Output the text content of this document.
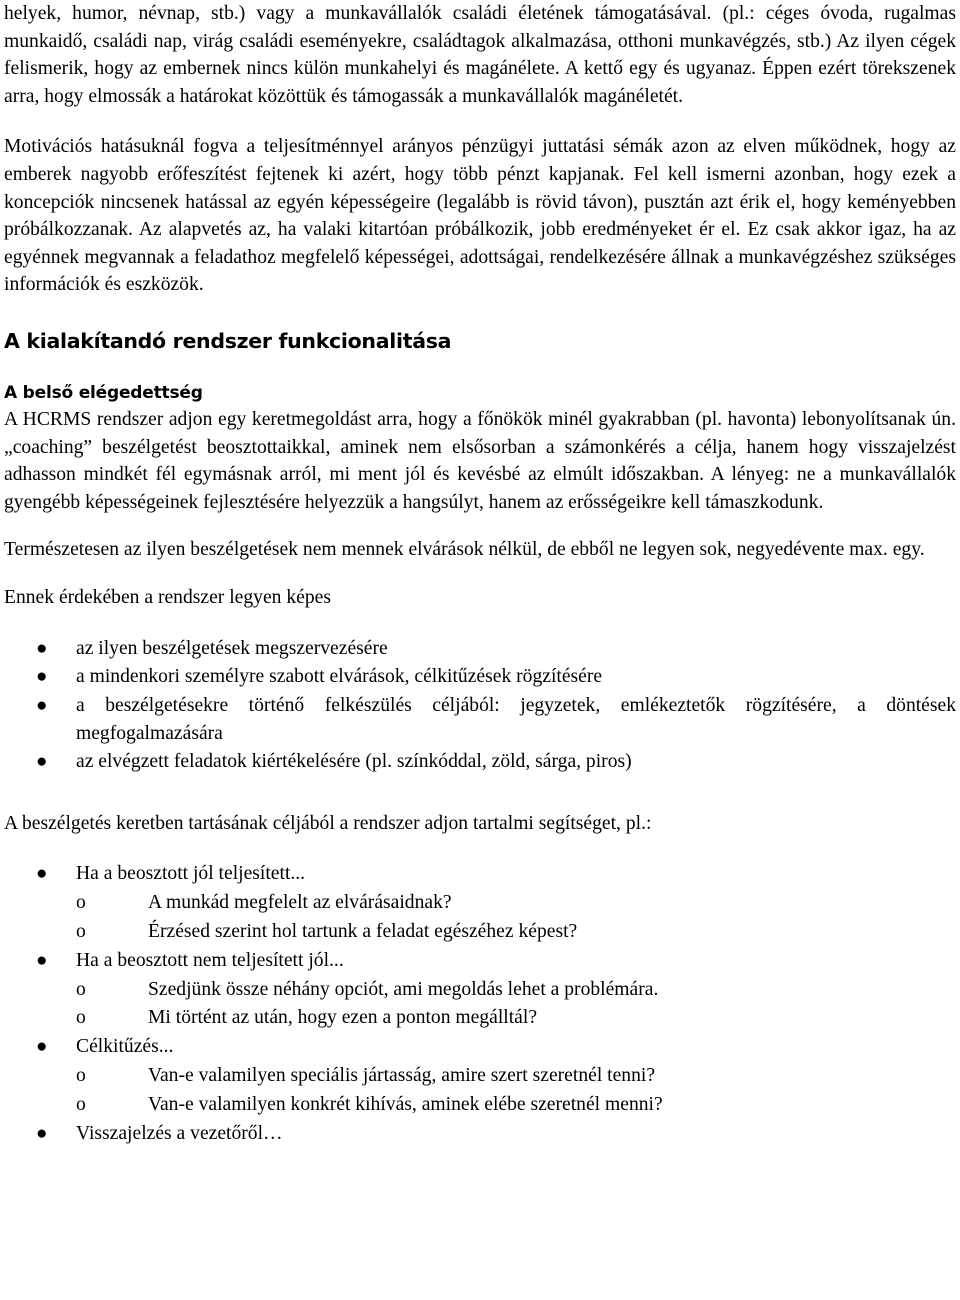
helyek, humor, névnap, stb.) vagy a munkavállalók családi életének támogatásával. (pl.: céges óvoda, rugalmas munkaidő, családi nap, virág családi eseményekre, családtagok alkalmazása, otthoni munkavégzés, stb.) Az ilyen cégek felismerik, hogy az embernek nincs külön munkahelyi és magánélete. A kettő egy és ugyanaz. Éppen ezért törekszenek arra, hogy elmossák a határokat közöttük és támogassák a munkavállalók magánéletét.

Motivációs hatásuknál fogva a teljesítménnyel arányos pénzügyi juttatási sémák azon az elven működnek, hogy az emberek nagyobb erőfeszítést fejtenek ki azért, hogy több pénzt kapjanak. Fel kell ismerni azonban, hogy ezek a koncepciók nincsenek hatással az egyén képességeire (legalább is rövid távon), pusztán azt érik el, hogy keményebben próbálkozzanak. Az alapvetés az, ha valaki kitartóan próbálkozik, jobb eredményeket ér el. Ez csak akkor igaz, ha az egyénnek megvannak a feladathoz megfelelő képességei, adottságai, rendelkezésére állnak a munkavégzéshez szükséges információk és eszközök.

A kialakítandó rendszer funkcionalitása
A belső elégedettség

A HCRMS rendszer adjon egy keretmegoldást arra, hogy a főnökök minél gyakrabban (pl. havonta) lebonyolítsanak ún. „coaching” beszélgetést beosztottaikkal, aminek nem elsősorban a számonkérés a célja, hanem hogy visszajelzést adhasson mindkét fél egymásnak arról, mi ment jól és kevésbé az elmúlt időszakban. A lényeg: ne a munkavállalók gyengébb képességeinek fejlesztésére helyezzük a hangsúlyt, hanem az erősségeikre kell támaszkodunk.

Természetesen az ilyen beszélgetések nem mennek elvárások nélkül, de ebből ne legyen sok, negyedévente max. egy.

Ennek érdekében a rendszer legyen képes

● az ilyen beszélgetések megszervezésére
● a mindenkori személyre szabott elvárások, célkitűzések rögzítésére
● a beszélgetésekre történő felkészülés céljából: jegyzetek, emlékeztetők rögzítésére, a döntések megfogalmazására
● az elvégzett feladatok kiértékelésére (pl. színkóddal, zöld, sárga, piros)

A beszélgetés keretben tartásának céljából a rendszer adjon tartalmi segítséget, pl.:

● Ha a beosztott jól teljesített...
o	A munkád megfelelt az elvárásaidnak?
o	Érzésed szerint hol tartunk a feladat egészéhez képest?
● Ha a beosztott nem teljesített jól...
o	Szedjünk össze néhány opciót, ami megoldás lehet a problémára.
o	Mi történt az után, hogy ezen a ponton megálltál?
● Célkitűzés...
o	Van-e valamilyen speciális jártasság, amire szert szeretnél tenni?
o	Van-e valamilyen konkrét kihívás, aminek elébe szeretnél menni?
● Visszajelzés a vezetőről…
